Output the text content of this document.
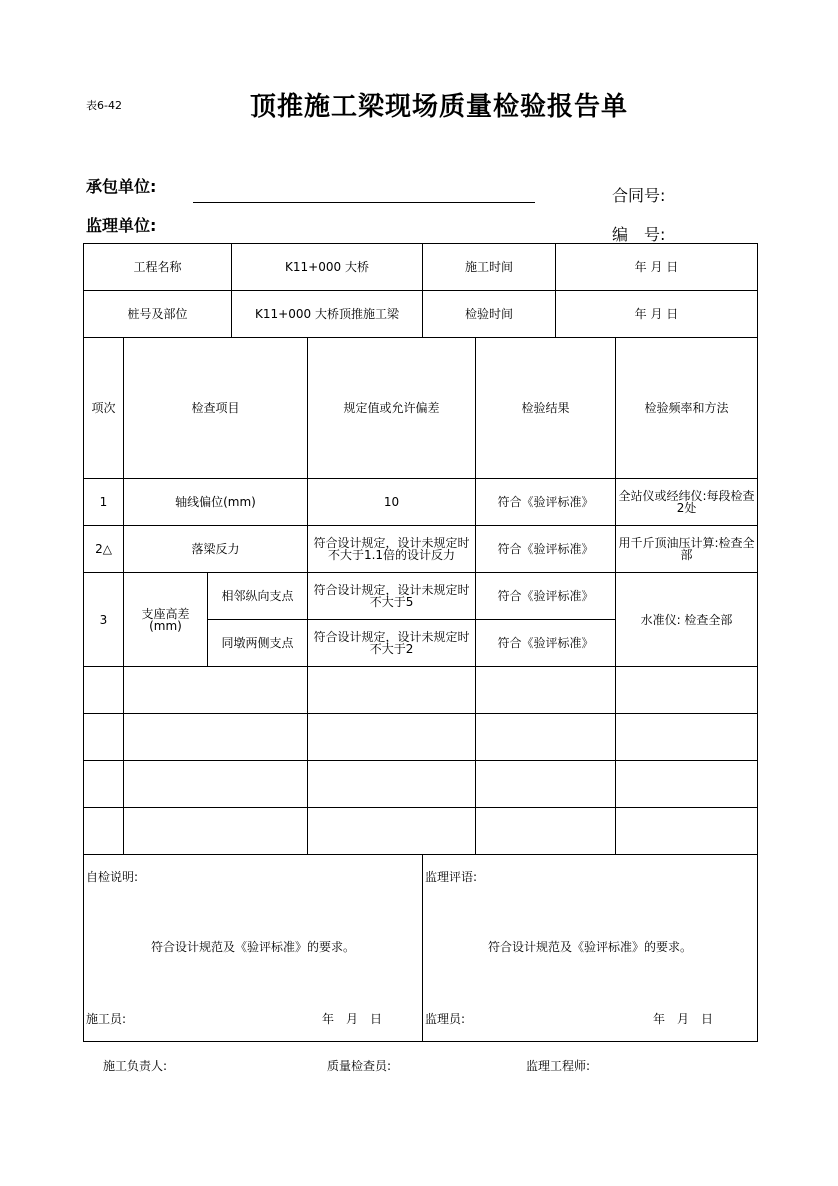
表6-42	顶推施工梁现场质量检验报告单
承包单位:
监理单位:
合同号:
编　号:
工程名称	K11+000 大桥	施工时间	年 月 日
桩号及部位	K11+000 大桥顶推施工梁	检验时间	年 月 日
项次	检查项目		规定值或允许偏差	检验结果	检验频率和方法
1	轴线偏位(mm)		10	符合《验评标准》	全站仪或经纬仪:每段检查2处
2△	落梁反力		符合设计规定，设计未规定时不大于1.1倍的设计反力	符合《验评标准》	用千斤顶油压计算:检查全部
3	支座高差(mm)	相邻纵向支点	符合设计规定，设计未规定时不大于5	符合《验评标准》	水准仪: 检查全部
		同墩两侧支点	符合设计规定，设计未规定时不大于2	符合《验评标准》	

自检说明:
符合设计规范及《验评标准》的要求。
施工员:	年　月　日

监理评语:
符合设计规范及《验评标准》的要求。
监理员:	年　月　日
施工负责人:	质量检查员:	监理工程师:
